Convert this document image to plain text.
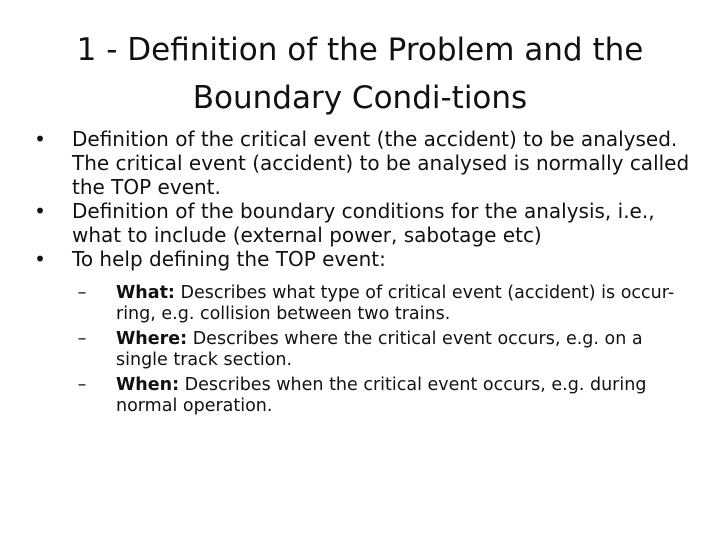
1 - Definition of the Problem and the Boundary Condi-tions
• Definition of the critical event (the accident) to be analysed. The critical event (accident) to be analysed is normally called the TOP event.
• Definition of the boundary conditions for the analysis, i.e., what to include (external power, sabotage etc)
• To help defining the TOP event:
–	What: Describes what type of critical event (accident) is occur-ring, e.g. collision between two trains.
–	Where: Describes where the critical event occurs, e.g. on a single track section.
–	When: Describes when the critical event occurs, e.g. during normal operation.
